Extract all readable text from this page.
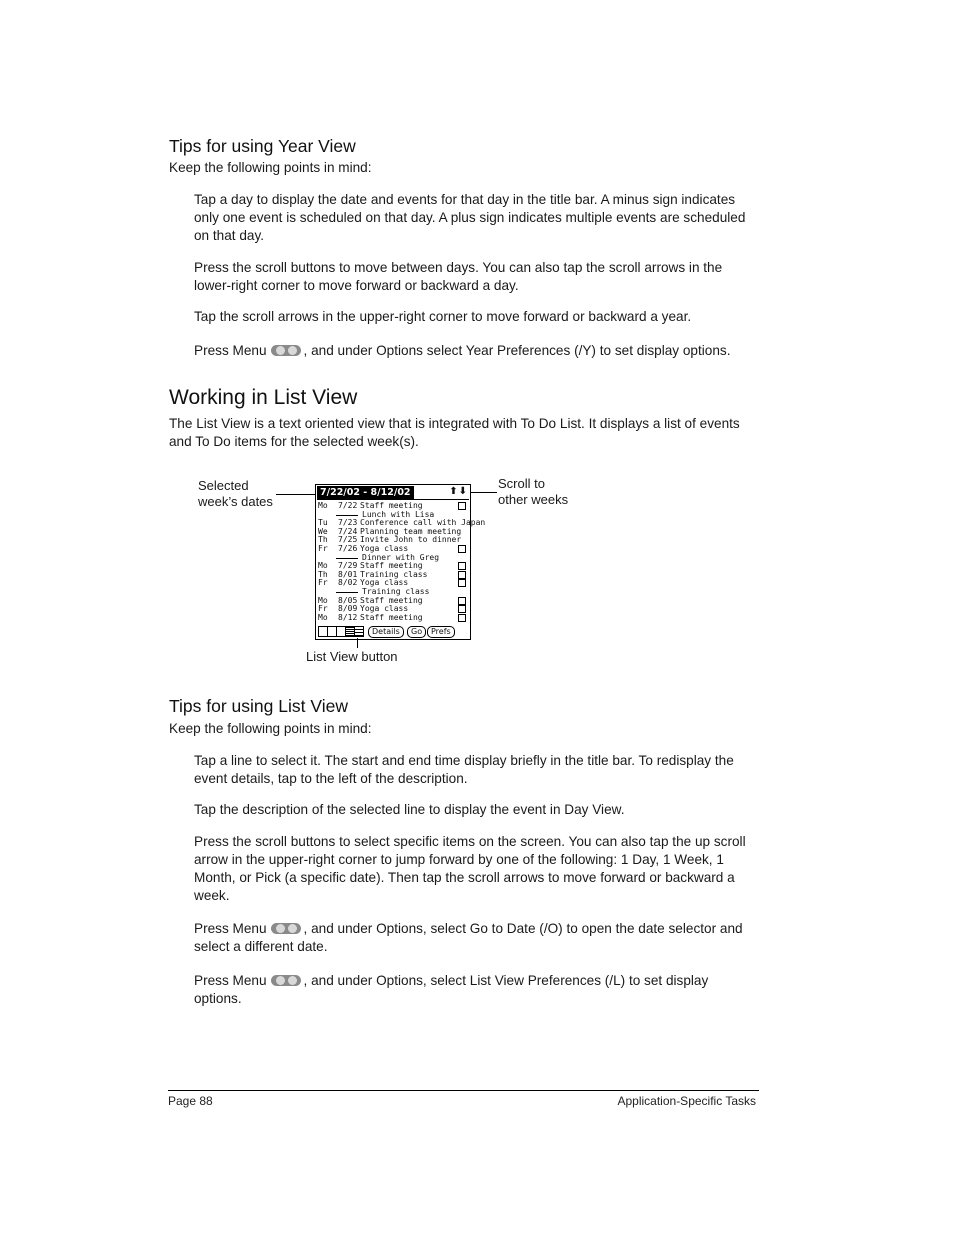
Tips for using Year View
Keep the following points in mind:
Tap a day to display the date and events for that day in the title bar. A minus sign indicates
only one event is scheduled on that day. A plus sign indicates multiple events are scheduled
on that day.
Press the scroll buttons to move between days. You can also tap the scroll arrows in the
lower-right corner to move forward or backward a day.
Tap the scroll arrows in the upper-right corner to move forward or backward a year.
Press Menu	, and under Options select Year Preferences (/Y) to set display options.
Working in List View
The List View is a text oriented view that is integrated with To Do List. It displays a list of events
and To Do items for the selected week(s).
Selected
week’s dates
Scroll to
other weeks
7/22/02 - 8/12/02	⬆⬇
Mo 7/22 Staff meeting
Lunch with Lisa
Tu 7/23 Conference call with Japan
We 7/24 Planning team meeting
Th 7/25 Invite John to dinner
Fr 7/26 Yoga class
Dinner with Greg
Mo 7/29 Staff meeting
Th 8/01 Training class
Fr 8/02 Yoga class
Training class
Mo 8/05 Staff meeting
Fr 8/09 Yoga class
Mo 8/12 Staff meeting
Details	Go	Prefs
List View button
Tips for using List View
Keep the following points in mind:
Tap a line to select it. The start and end time display briefly in the title bar. To redisplay the
event details, tap to the left of the description.
Tap the description of the selected line to display the event in Day View.
Press the scroll buttons to select specific items on the screen. You can also tap the up scroll
arrow in the upper-right corner to jump forward by one of the following: 1 Day, 1 Week, 1
Month, or Pick (a specific date). Then tap the scroll arrows to move forward or backward a
week.
Press Menu	, and under Options, select Go to Date (/O) to open the date selector and
select a different date.
Press Menu	, and under Options, select List View Preferences (/L) to set display
options.
Page 88	Application-Specific Tasks
